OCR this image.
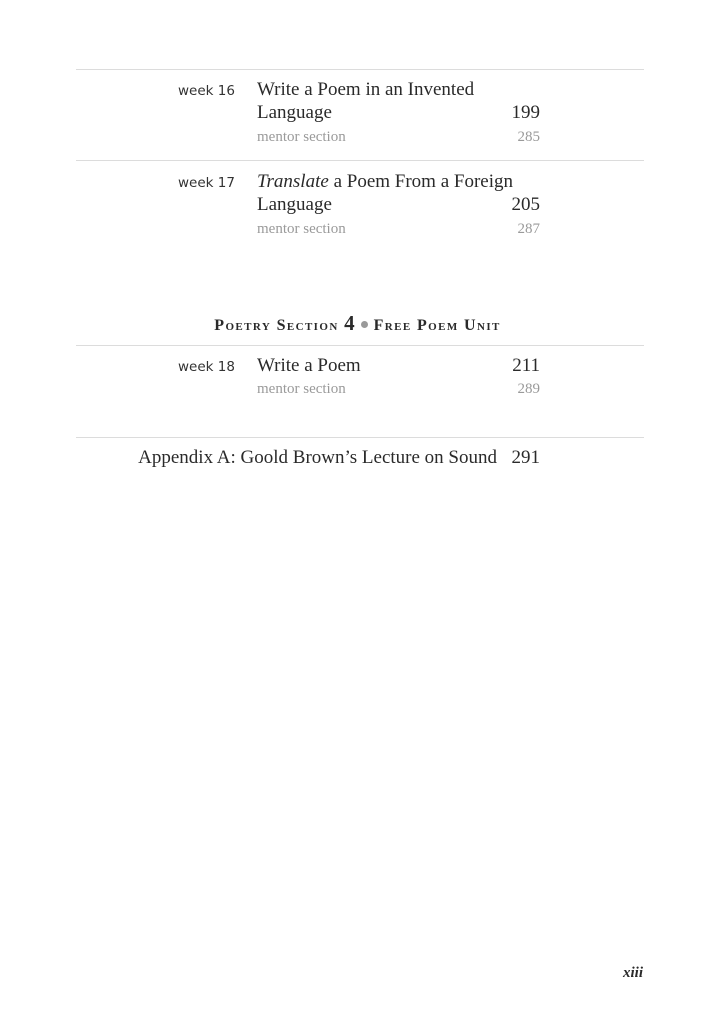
week 16 Write a Poem in an Invented
Language	199
mentor section	285
week 17 Translate a Poem From a Foreign
Language	205
mentor section	287
Poetry Section 4 Free Poem Unit
week 18 Write a Poem	211
mentor section	289
Appendix A: Goold Brown’s Lecture on Sound 291
xiii
